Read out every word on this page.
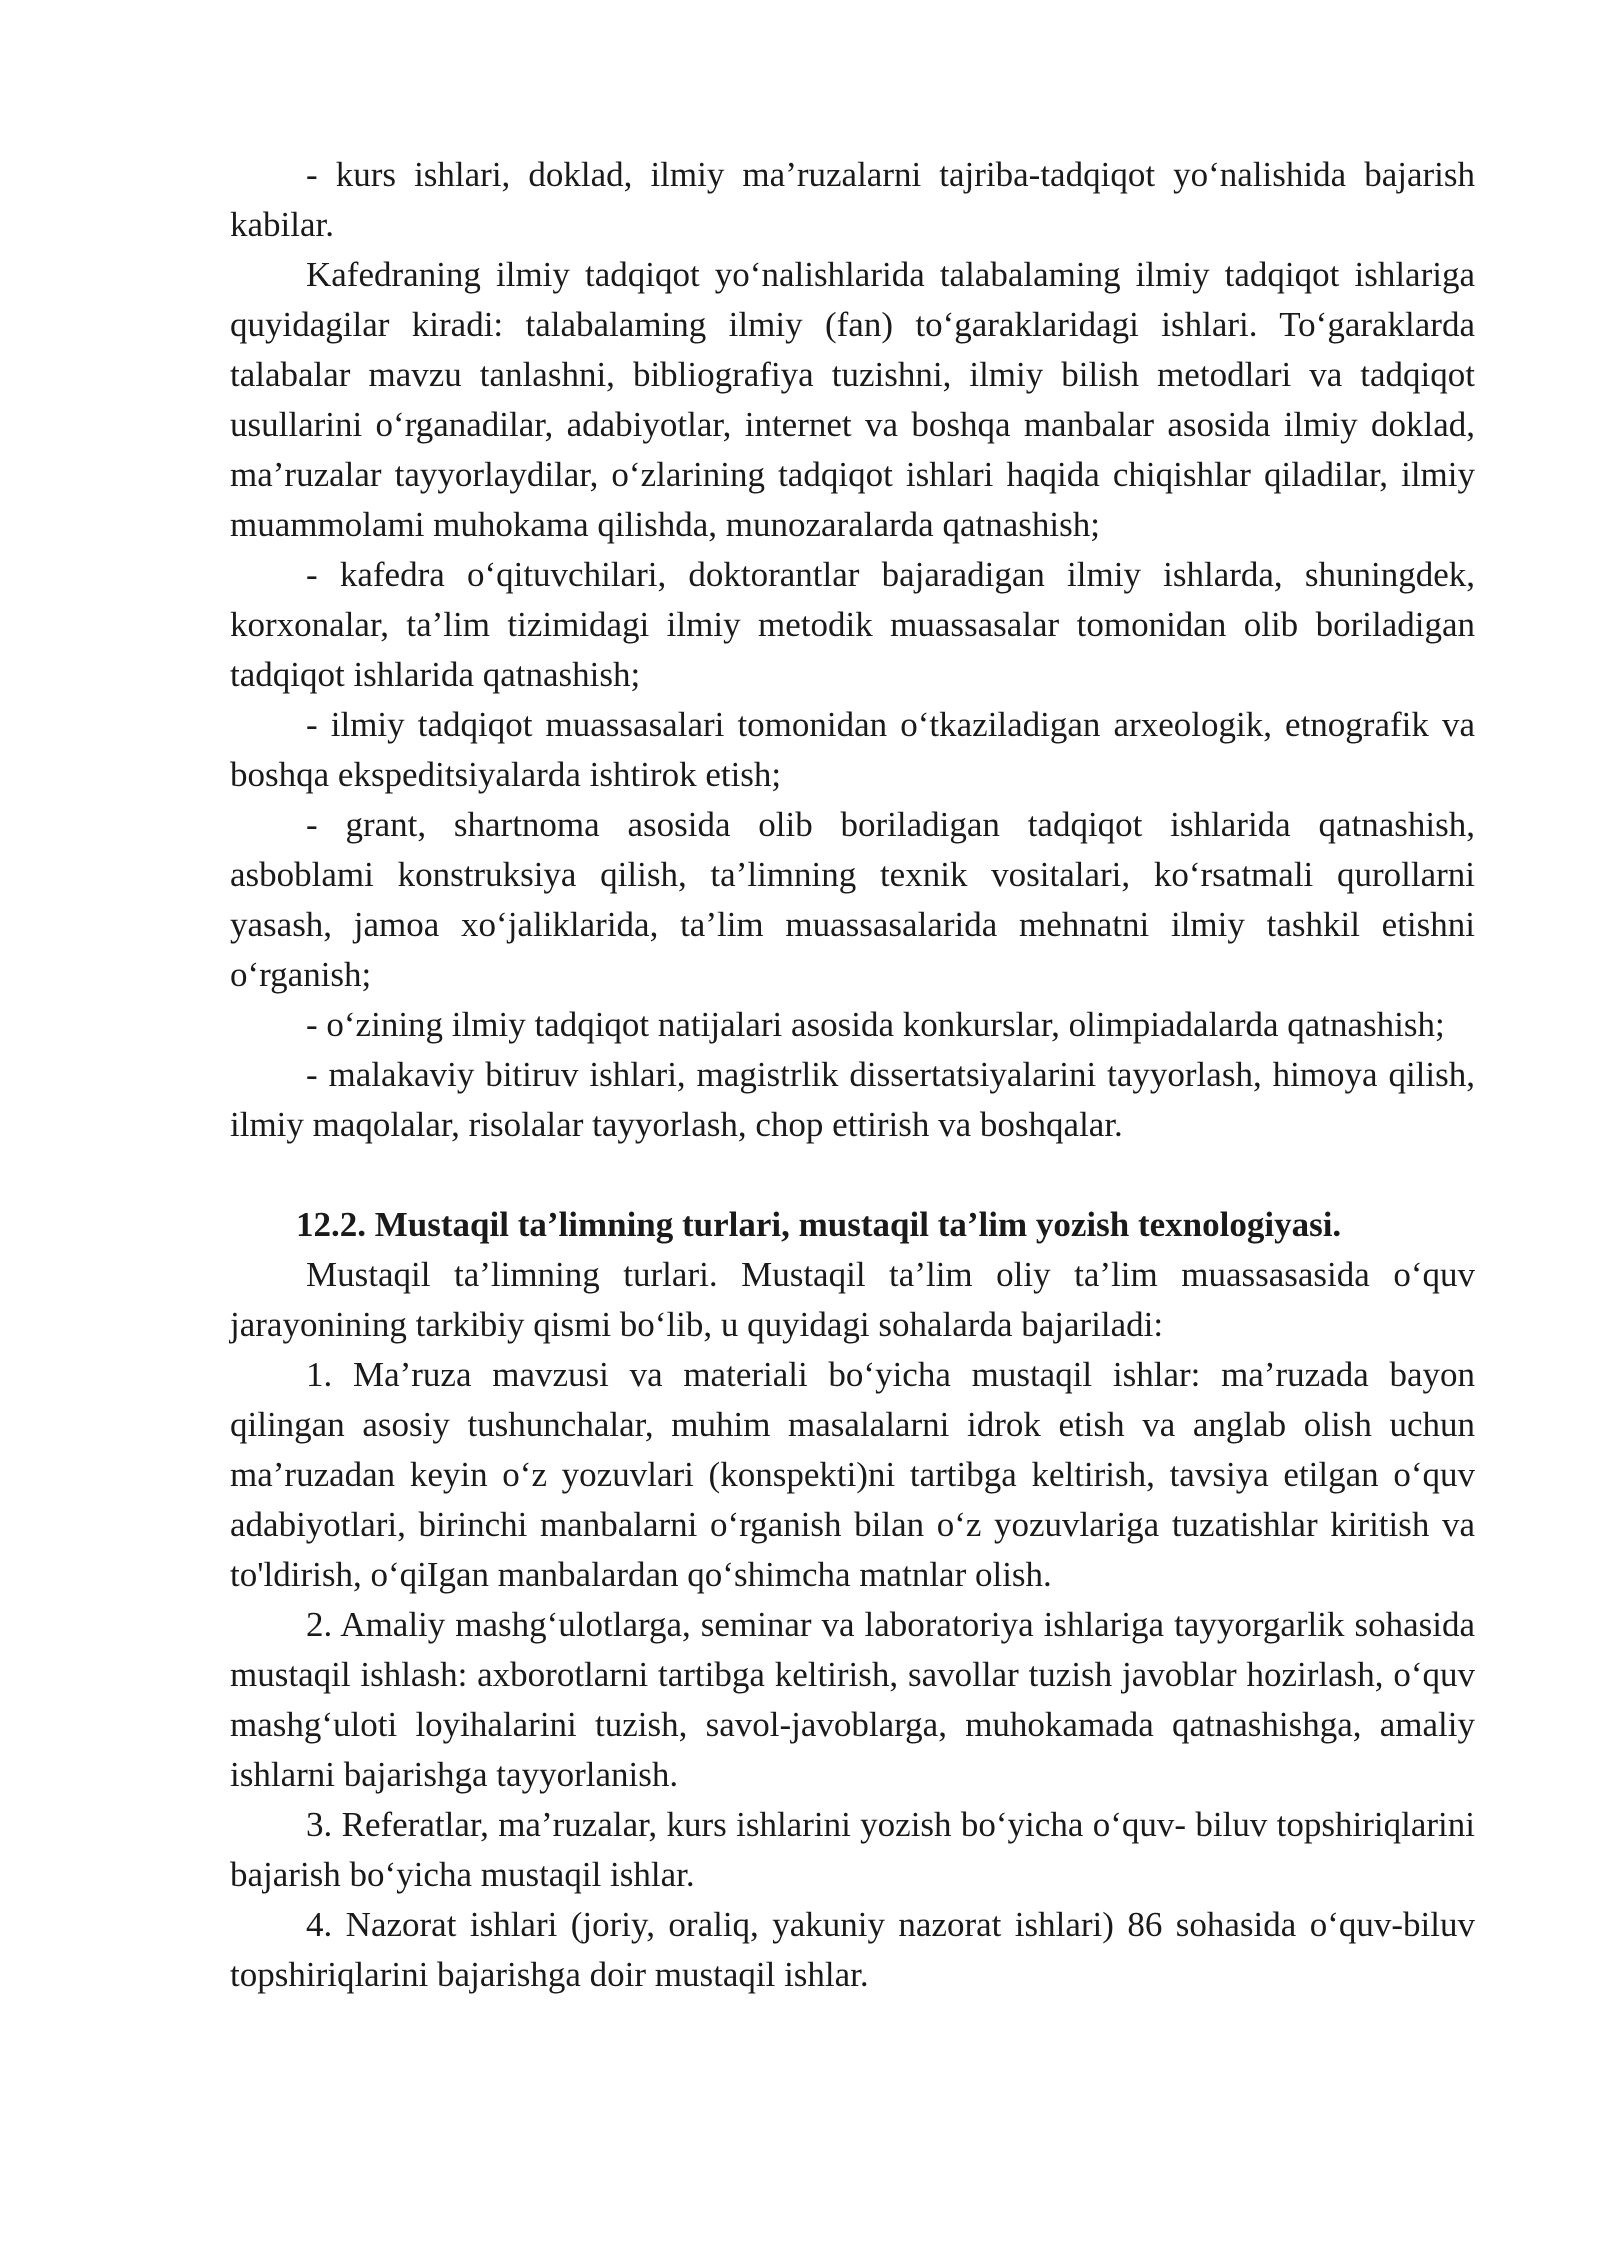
- kurs ishlari, doklad, ilmiy ma’ruzalarni tajriba-tadqiqot yo‘nalishida bajarish kabilar.

Kafedraning ilmiy tadqiqot yo‘nalishlarida talabalaming ilmiy tadqiqot ishlariga quyidagilar kiradi: talabalaming ilmiy (fan) to‘garaklaridagi ishlari. To‘garaklarda talabalar mavzu tanlashni, bibliografiya tuzishni, ilmiy bilish metodlari va tadqiqot usullarini o‘rganadilar, adabiyotlar, internet va boshqa manbalar asosida ilmiy doklad, ma’ruzalar tayyorlaydilar, o‘zlarining tadqiqot ishlari haqida chiqishlar qiladilar, ilmiy muammolami muhokama qilishda, munozaralarda qatnashish;

- kafedra o‘qituvchilari, doktorantlar bajaradigan ilmiy ishlarda, shuningdek, korxonalar, ta’lim tizimidagi ilmiy metodik muassasalar tomonidan olib boriladigan tadqiqot ishlarida qatnashish;

- ilmiy tadqiqot muassasalari tomonidan o‘tkaziladigan arxeologik, etnografik va boshqa ekspeditsiyalarda ishtirok etish;

- grant, shartnoma asosida olib boriladigan tadqiqot ishlarida qatnashish, asboblami konstruksiya qilish, ta’limning texnik vositalari, ko‘rsatmali qurollarni yasash, jamoa xo‘jaliklarida, ta’lim muassasalarida mehnatni ilmiy tashkil etishni o‘rganish;

- o‘zining ilmiy tadqiqot natijalari asosida konkurslar, olimpiadalarda qatnashish;

- malakaviy bitiruv ishlari, magistrlik dissertatsiyalarini tayyorlash, himoya qilish, ilmiy maqolalar, risolalar tayyorlash, chop ettirish va boshqalar.

12.2. Mustaqil ta’limning turlari, mustaqil ta’lim yozish texnologiyasi.

Mustaqil ta’limning turlari. Mustaqil ta’lim oliy ta’lim muassasasida o‘quv jarayonining tarkibiy qismi bo‘lib, u quyidagi sohalarda bajariladi:

1. Ma’ruza mavzusi va materiali bo‘yicha mustaqil ishlar: ma’ruzada bayon qilingan asosiy tushunchalar, muhim masalalarni idrok etish va anglab olish uchun ma’ruzadan keyin o‘z yozuvlari (konspekti)ni tartibga keltirish, tavsiya etilgan o‘quv adabiyotlari, birinchi manbalarni o‘rganish bilan o‘z yozuvlariga tuzatishlar kiritish va to'ldirish, o‘qiIgan manbalardan qo‘shimcha matnlar olish.

2. Amaliy mashg‘ulotlarga, seminar va laboratoriya ishlariga tayyorgarlik sohasida mustaqil ishlash: axborotlarni tartibga keltirish, savollar tuzish javoblar hozirlash, o‘quv mashg‘uloti loyihalarini tuzish, savol-javoblarga, muhokamada qatnashishga, amaliy ishlarni bajarishga tayyorlanish.

3. Referatlar, ma’ruzalar, kurs ishlarini yozish bo‘yicha o‘quv- biluv topshiriqlarini bajarish bo‘yicha mustaqil ishlar.

4. Nazorat ishlari (joriy, oraliq, yakuniy nazorat ishlari) 86 sohasida o‘quv-biluv topshiriqlarini bajarishga doir mustaqil ishlar.
